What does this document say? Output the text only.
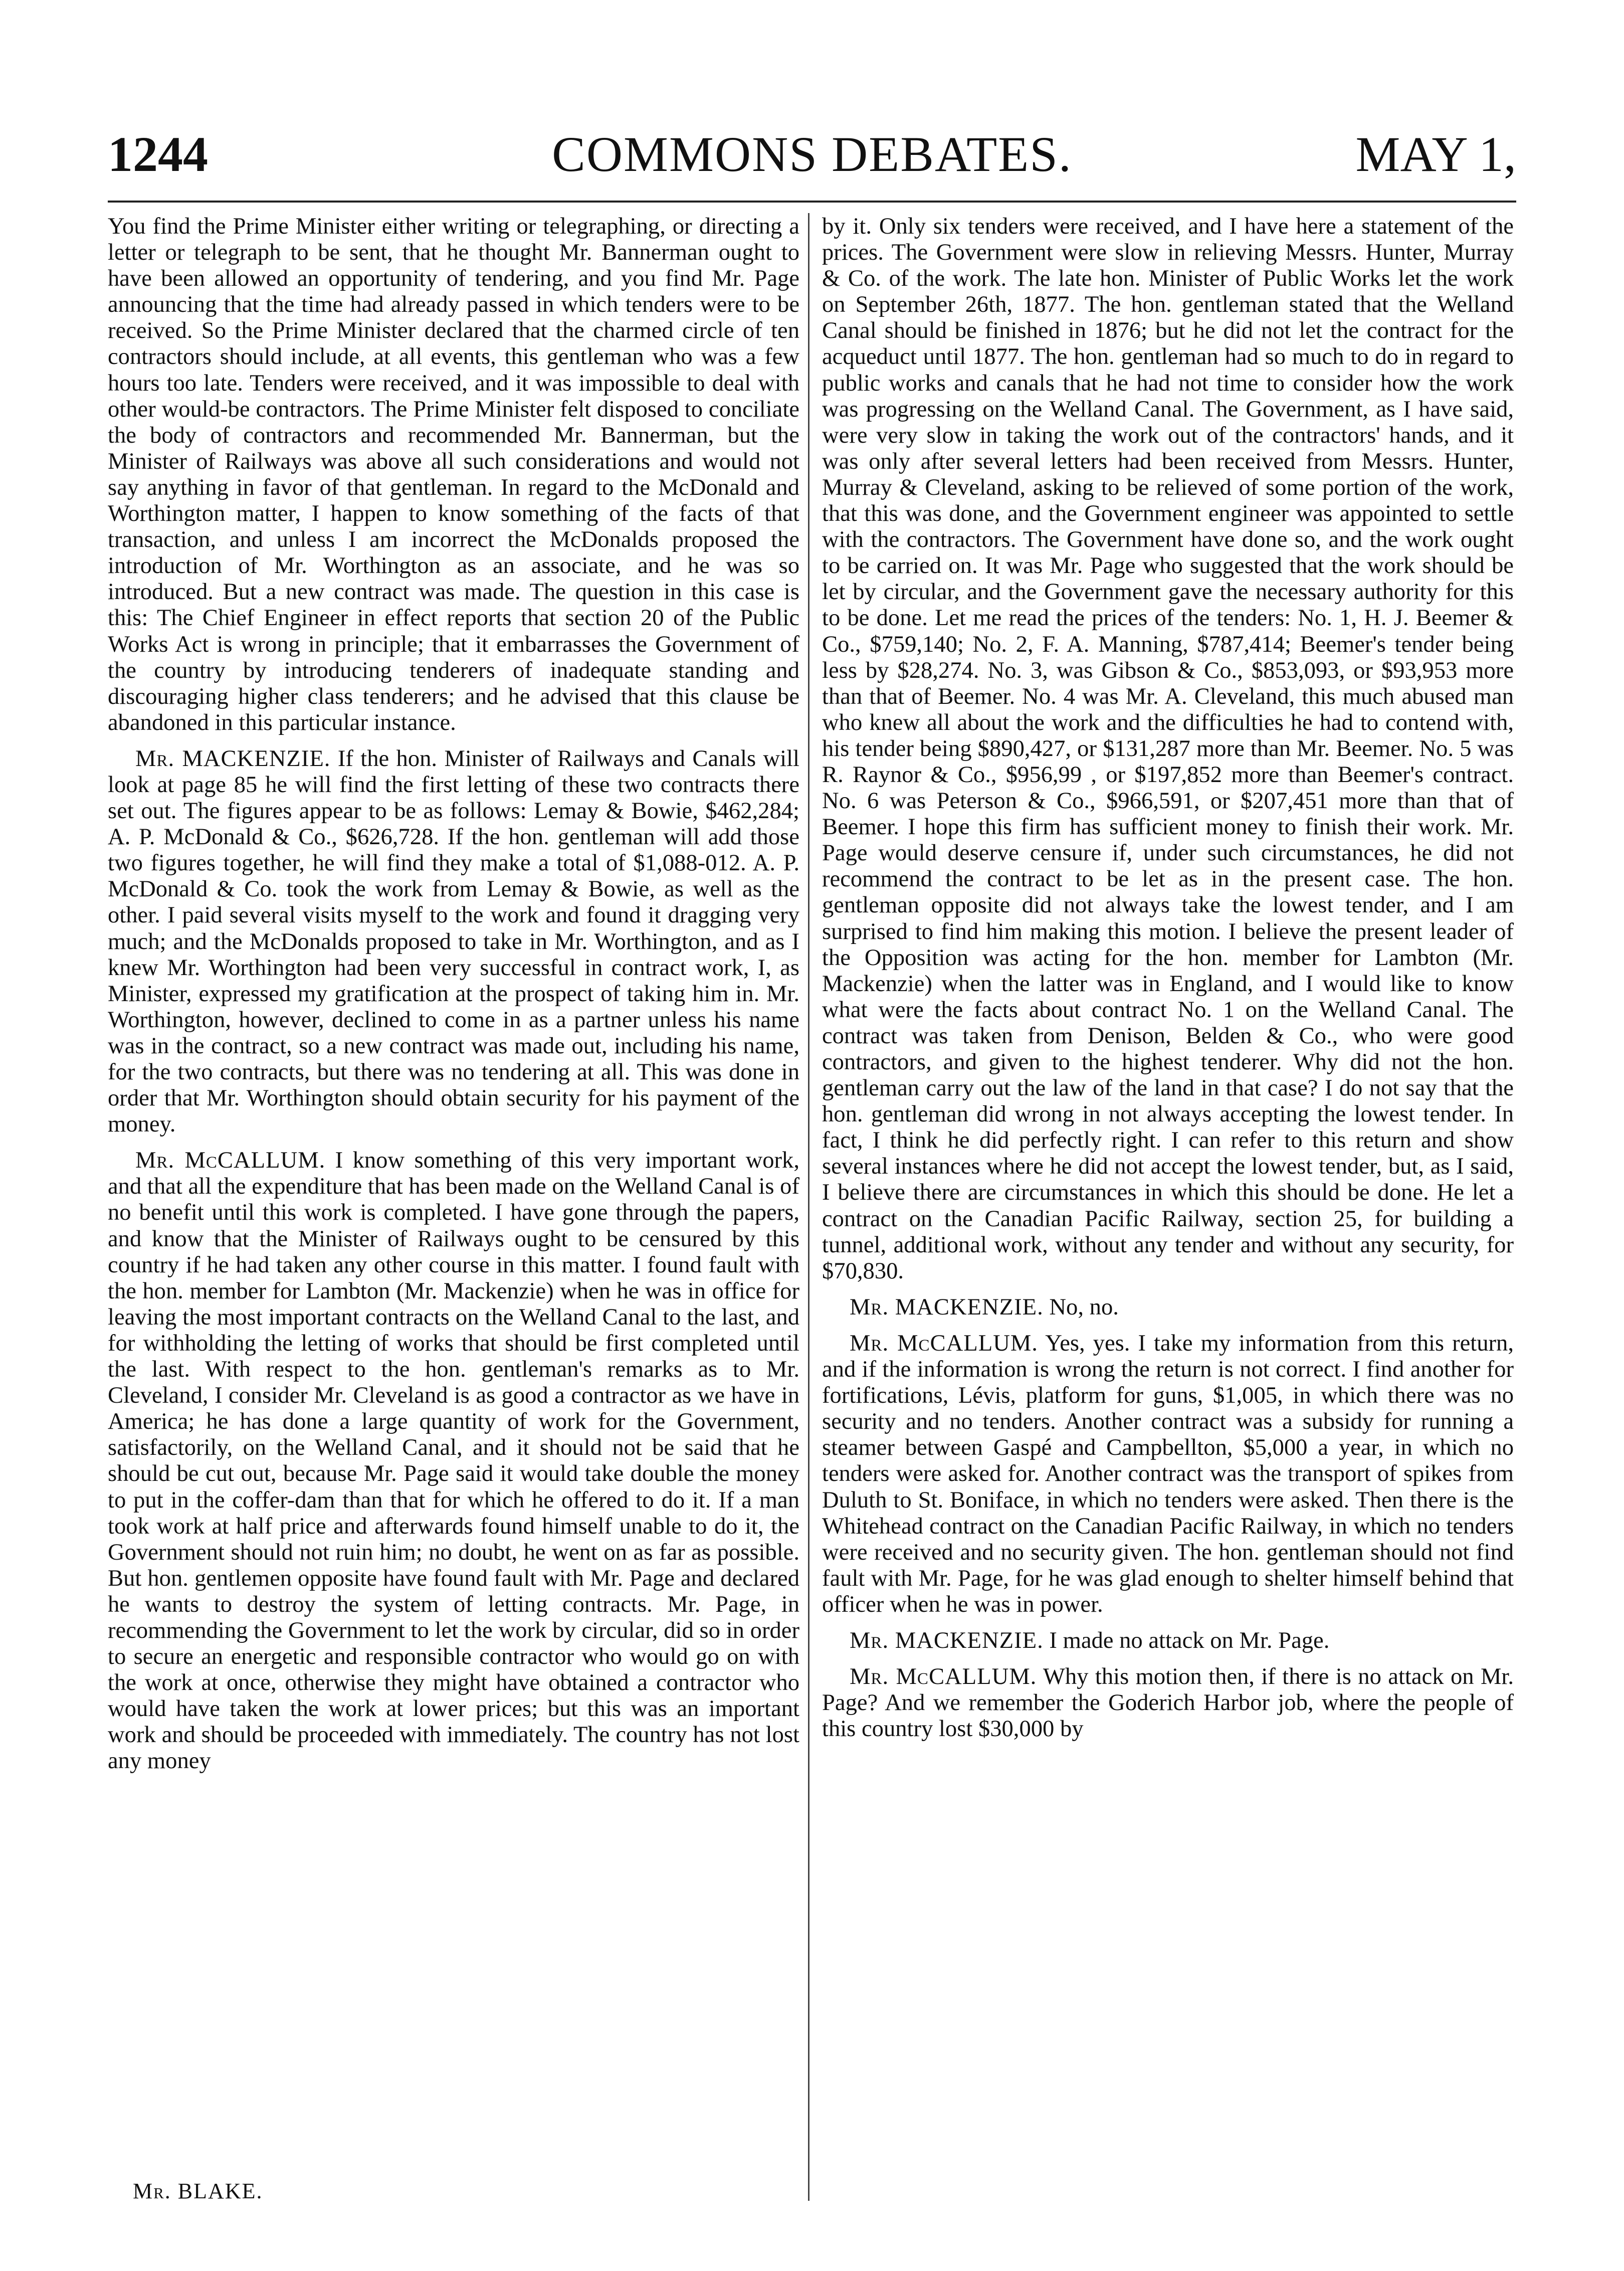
1244	COMMONS DEBATES.	MAY 1,

You find the Prime Minister either writing or telegraphing, or directing a letter or telegraph to be sent, that he thought Mr. Bannerman ought to have been allowed an opportunity of tendering, and you find Mr. Page announcing that the time had already passed in which tenders were to be received. So the Prime Minister declared that the charmed circle of ten contractors should include, at all events, this gentleman who was a few hours too late. Tenders were received, and it was impossible to deal with other would-be contractors. The Prime Minister felt disposed to conciliate the body of contractors and recommended Mr. Bannerman, but the Minister of Railways was above all such considerations and would not say anything in favor of that gentleman. In regard to the McDonald and Worthington matter, I happen to know something of the facts of that transaction, and unless I am incorrect the McDonalds proposed the introduction of Mr. Worthington as an associate, and he was so introduced. But a new contract was made. The question in this case is this: The Chief Engineer in effect reports that section 20 of the Public Works Act is wrong in principle; that it embarrasses the Government of the country by introducing tenderers of inadequate standing and discouraging higher class tenderers; and he advised that this clause be abandoned in this particular instance.

Mr. MACKENZIE. If the hon. Minister of Railways and Canals will look at page 85 he will find the first letting of these two contracts there set out. The figures appear to be as follows: Lemay & Bowie, $462,284; A. P. McDonald & Co., $626,728. If the hon. gentleman will add those two figures together, he will find they make a total of $1,088-012. A. P. McDonald & Co. took the work from Lemay & Bowie, as well as the other. I paid several visits myself to the work and found it dragging very much; and the McDonalds proposed to take in Mr. Worthington, and as I knew Mr. Worthington had been very successful in contract work, I, as Minister, expressed my gratification at the prospect of taking him in. Mr. Worthington, however, declined to come in as a partner unless his name was in the contract, so a new contract was made out, including his name, for the two contracts, but there was no tendering at all. This was done in order that Mr. Worthington should obtain security for his payment of the money.

Mr. McCALLUM. I know something of this very important work, and that all the expenditure that has been made on the Welland Canal is of no benefit until this work is completed. I have gone through the papers, and know that the Minister of Railways ought to be censured by this country if he had taken any other course in this matter. I found fault with the hon. member for Lambton (Mr. Mackenzie) when he was in office for leaving the most important contracts on the Welland Canal to the last, and for withholding the letting of works that should be first completed until the last. With respect to the hon. gentleman's remarks as to Mr. Cleveland, I consider Mr. Cleveland is as good a contractor as we have in America; he has done a large quantity of work for the Government, satisfactorily, on the Welland Canal, and it should not be said that he should be cut out, because Mr. Page said it would take double the money to put in the coffer-dam than that for which he offered to do it. If a man took work at half price and afterwards found himself unable to do it, the Government should not ruin him; no doubt, he went on as far as possible. But hon. gentlemen opposite have found fault with Mr. Page and declared he wants to destroy the system of letting contracts. Mr. Page, in recommending the Government to let the work by circular, did so in order to secure an energetic and responsible contractor who would go on with the work at once, otherwise they might have obtained a contractor who would have taken the work at lower prices; but this was an important work and should be proceeded with immediately. The country has not lost any money

by it. Only six tenders were received, and I have here a statement of the prices. The Government were slow in relieving Messrs. Hunter, Murray & Co. of the work. The late hon. Minister of Public Works let the work on September 26th, 1877. The hon. gentleman stated that the Welland Canal should be finished in 1876; but he did not let the contract for the acqueduct until 1877. The hon. gentleman had so much to do in regard to public works and canals that he had not time to consider how the work was progressing on the Welland Canal. The Government, as I have said, were very slow in taking the work out of the contractors' hands, and it was only after several letters had been received from Messrs. Hunter, Murray & Cleveland, asking to be relieved of some portion of the work, that this was done, and the Government engineer was appointed to settle with the contractors. The Government have done so, and the work ought to be carried on. It was Mr. Page who suggested that the work should be let by circular, and the Government gave the necessary authority for this to be done. Let me read the prices of the tenders: No. 1, H. J. Beemer & Co., $759,140; No. 2, F. A. Manning, $787,414; Beemer's tender being less by $28,274. No. 3, was Gibson & Co., $853,093, or $93,953 more than that of Beemer. No. 4 was Mr. A. Cleveland, this much abused man who knew all about the work and the difficulties he had to contend with, his tender being $890,427, or $131,287 more than Mr. Beemer. No. 5 was R. Raynor & Co., $956,99 , or $197,852 more than Beemer's contract. No. 6 was Peterson & Co., $966,591, or $207,451 more than that of Beemer. I hope this firm has sufficient money to finish their work. Mr. Page would deserve censure if, under such circumstances, he did not recommend the contract to be let as in the present case. The hon. gentleman opposite did not always take the lowest tender, and I am surprised to find him making this motion. I believe the present leader of the Opposition was acting for the hon. member for Lambton (Mr. Mackenzie) when the latter was in England, and I would like to know what were the facts about contract No. 1 on the Welland Canal. The contract was taken from Denison, Belden & Co., who were good contractors, and given to the highest tenderer. Why did not the hon. gentleman carry out the law of the land in that case? I do not say that the hon. gentleman did wrong in not always accepting the lowest tender. In fact, I think he did perfectly right. I can refer to this return and show several instances where he did not accept the lowest tender, but, as I said, I believe there are circumstances in which this should be done. He let a contract on the Canadian Pacific Railway, section 25, for building a tunnel, additional work, without any tender and without any security, for $70,830.

Mr. MACKENZIE. No, no.

Mr. McCALLUM. Yes, yes. I take my information from this return, and if the information is wrong the return is not correct. I find another for fortifications, Lévis, platform for guns, $1,005, in which there was no security and no tenders. Another contract was a subsidy for running a steamer between Gaspé and Campbellton, $5,000 a year, in which no tenders were asked for. Another contract was the transport of spikes from Duluth to St. Boniface, in which no tenders were asked. Then there is the Whitehead contract on the Canadian Pacific Railway, in which no tenders were received and no security given. The hon. gentleman should not find fault with Mr. Page, for he was glad enough to shelter himself behind that officer when he was in power.

Mr. MACKENZIE. I made no attack on Mr. Page.

Mr. McCALLUM. Why this motion then, if there is no attack on Mr. Page? And we remember the Goderich Harbor job, where the people of this country lost $30,000 by

Mr. BLAKE.
